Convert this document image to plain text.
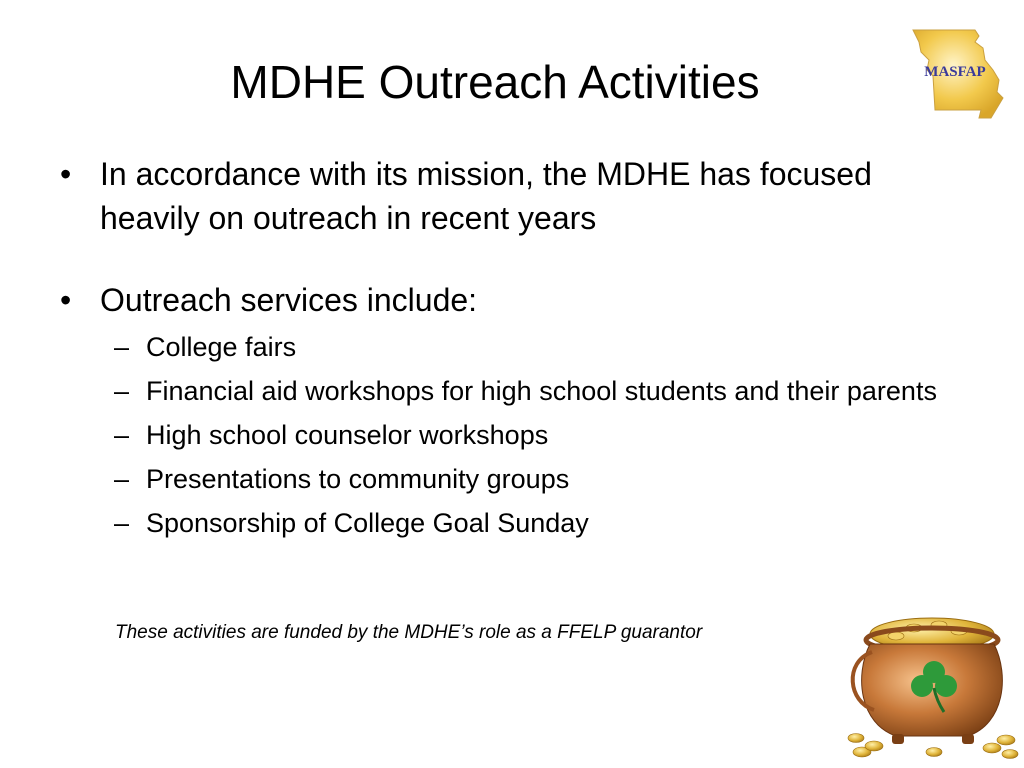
MDHE Outreach Activities	MASFAP

• In accordance with its mission, the MDHE has focused heavily on outreach in recent years

• Outreach services include:

– College fairs
– Financial aid workshops for high school students and their parents
– High school counselor workshops
– Presentations to community groups
– Sponsorship of College Goal Sunday
These activities are funded by the MDHE’s role as a FFELP guarantor
